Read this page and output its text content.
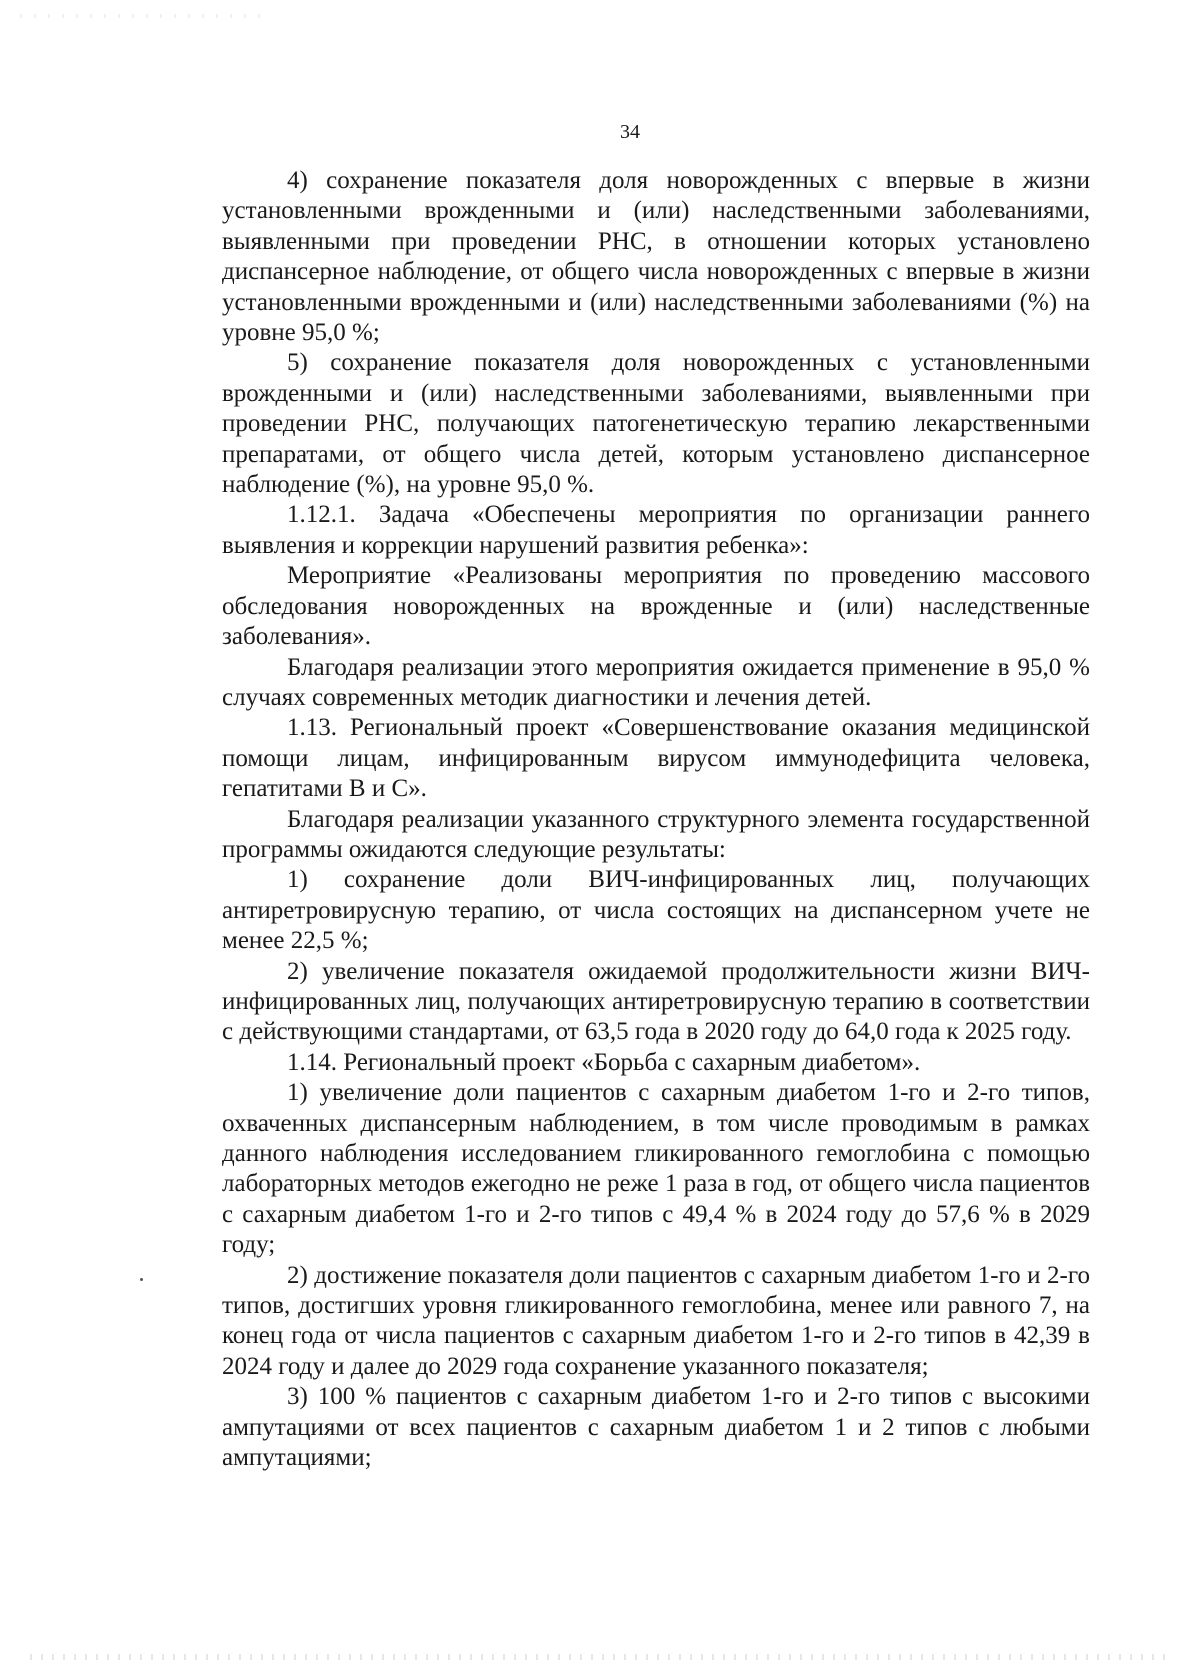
34

4) сохранение показателя доля новорожденных с впервые в жизни установленными врожденными и (или) наследственными заболеваниями, выявленными при проведении РНС, в отношении которых установлено диспансерное наблюдение, от общего числа новорожденных с впервые в жизни установленными врожденными и (или) наследственными заболеваниями (%) на уровне 95,0 %;

5) сохранение показателя доля новорожденных с установленными врожденными и (или) наследственными заболеваниями, выявленными при проведении РНС, получающих патогенетическую терапию лекарственными препаратами, от общего числа детей, которым установлено диспансерное наблюдение (%), на уровне 95,0 %.

1.12.1. Задача «Обеспечены мероприятия по организации раннего выявления и коррекции нарушений развития ребенка»:

Мероприятие «Реализованы мероприятия по проведению массового обследования новорожденных на врожденные и (или) наследственные заболевания».

Благодаря реализации этого мероприятия ожидается применение в 95,0 % случаях современных методик диагностики и лечения детей.

1.13. Региональный проект «Совершенствование оказания медицинской помощи лицам, инфицированным вирусом иммунодефицита человека, гепатитами В и С».

Благодаря реализации указанного структурного элемента государственной программы ожидаются следующие результаты:

1) сохранение доли ВИЧ-инфицированных лиц, получающих антиретровирусную терапию, от числа состоящих на диспансерном учете не менее 22,5 %;

2) увеличение показателя ожидаемой продолжительности жизни ВИЧ-инфицированных лиц, получающих антиретровирусную терапию в соответствии с действующими стандартами, от 63,5 года в 2020 году до 64,0 года к 2025 году.

1.14. Региональный проект «Борьба с сахарным диабетом».

1) увеличение доли пациентов с сахарным диабетом 1-го и 2-го типов, охваченных диспансерным наблюдением, в том числе проводимым в рамках данного наблюдения исследованием гликированного гемоглобина с помощью лабораторных методов ежегодно не реже 1 раза в год, от общего числа пациентов с сахарным диабетом 1-го и 2-го типов с 49,4 % в 2024 году до 57,6 % в 2029 году;

2) достижение показателя доли пациентов с сахарным диабетом 1-го и 2-го типов, достигших уровня гликированного гемоглобина, менее или равного 7, на конец года от числа пациентов с сахарным диабетом 1-го и 2-го типов в 42,39 в 2024 году и далее до 2029 года сохранение указанного показателя;

3) 100 % пациентов с сахарным диабетом 1-го и 2-го типов с высокими ампутациями от всех пациентов с сахарным диабетом 1 и 2 типов с любыми ампутациями;
